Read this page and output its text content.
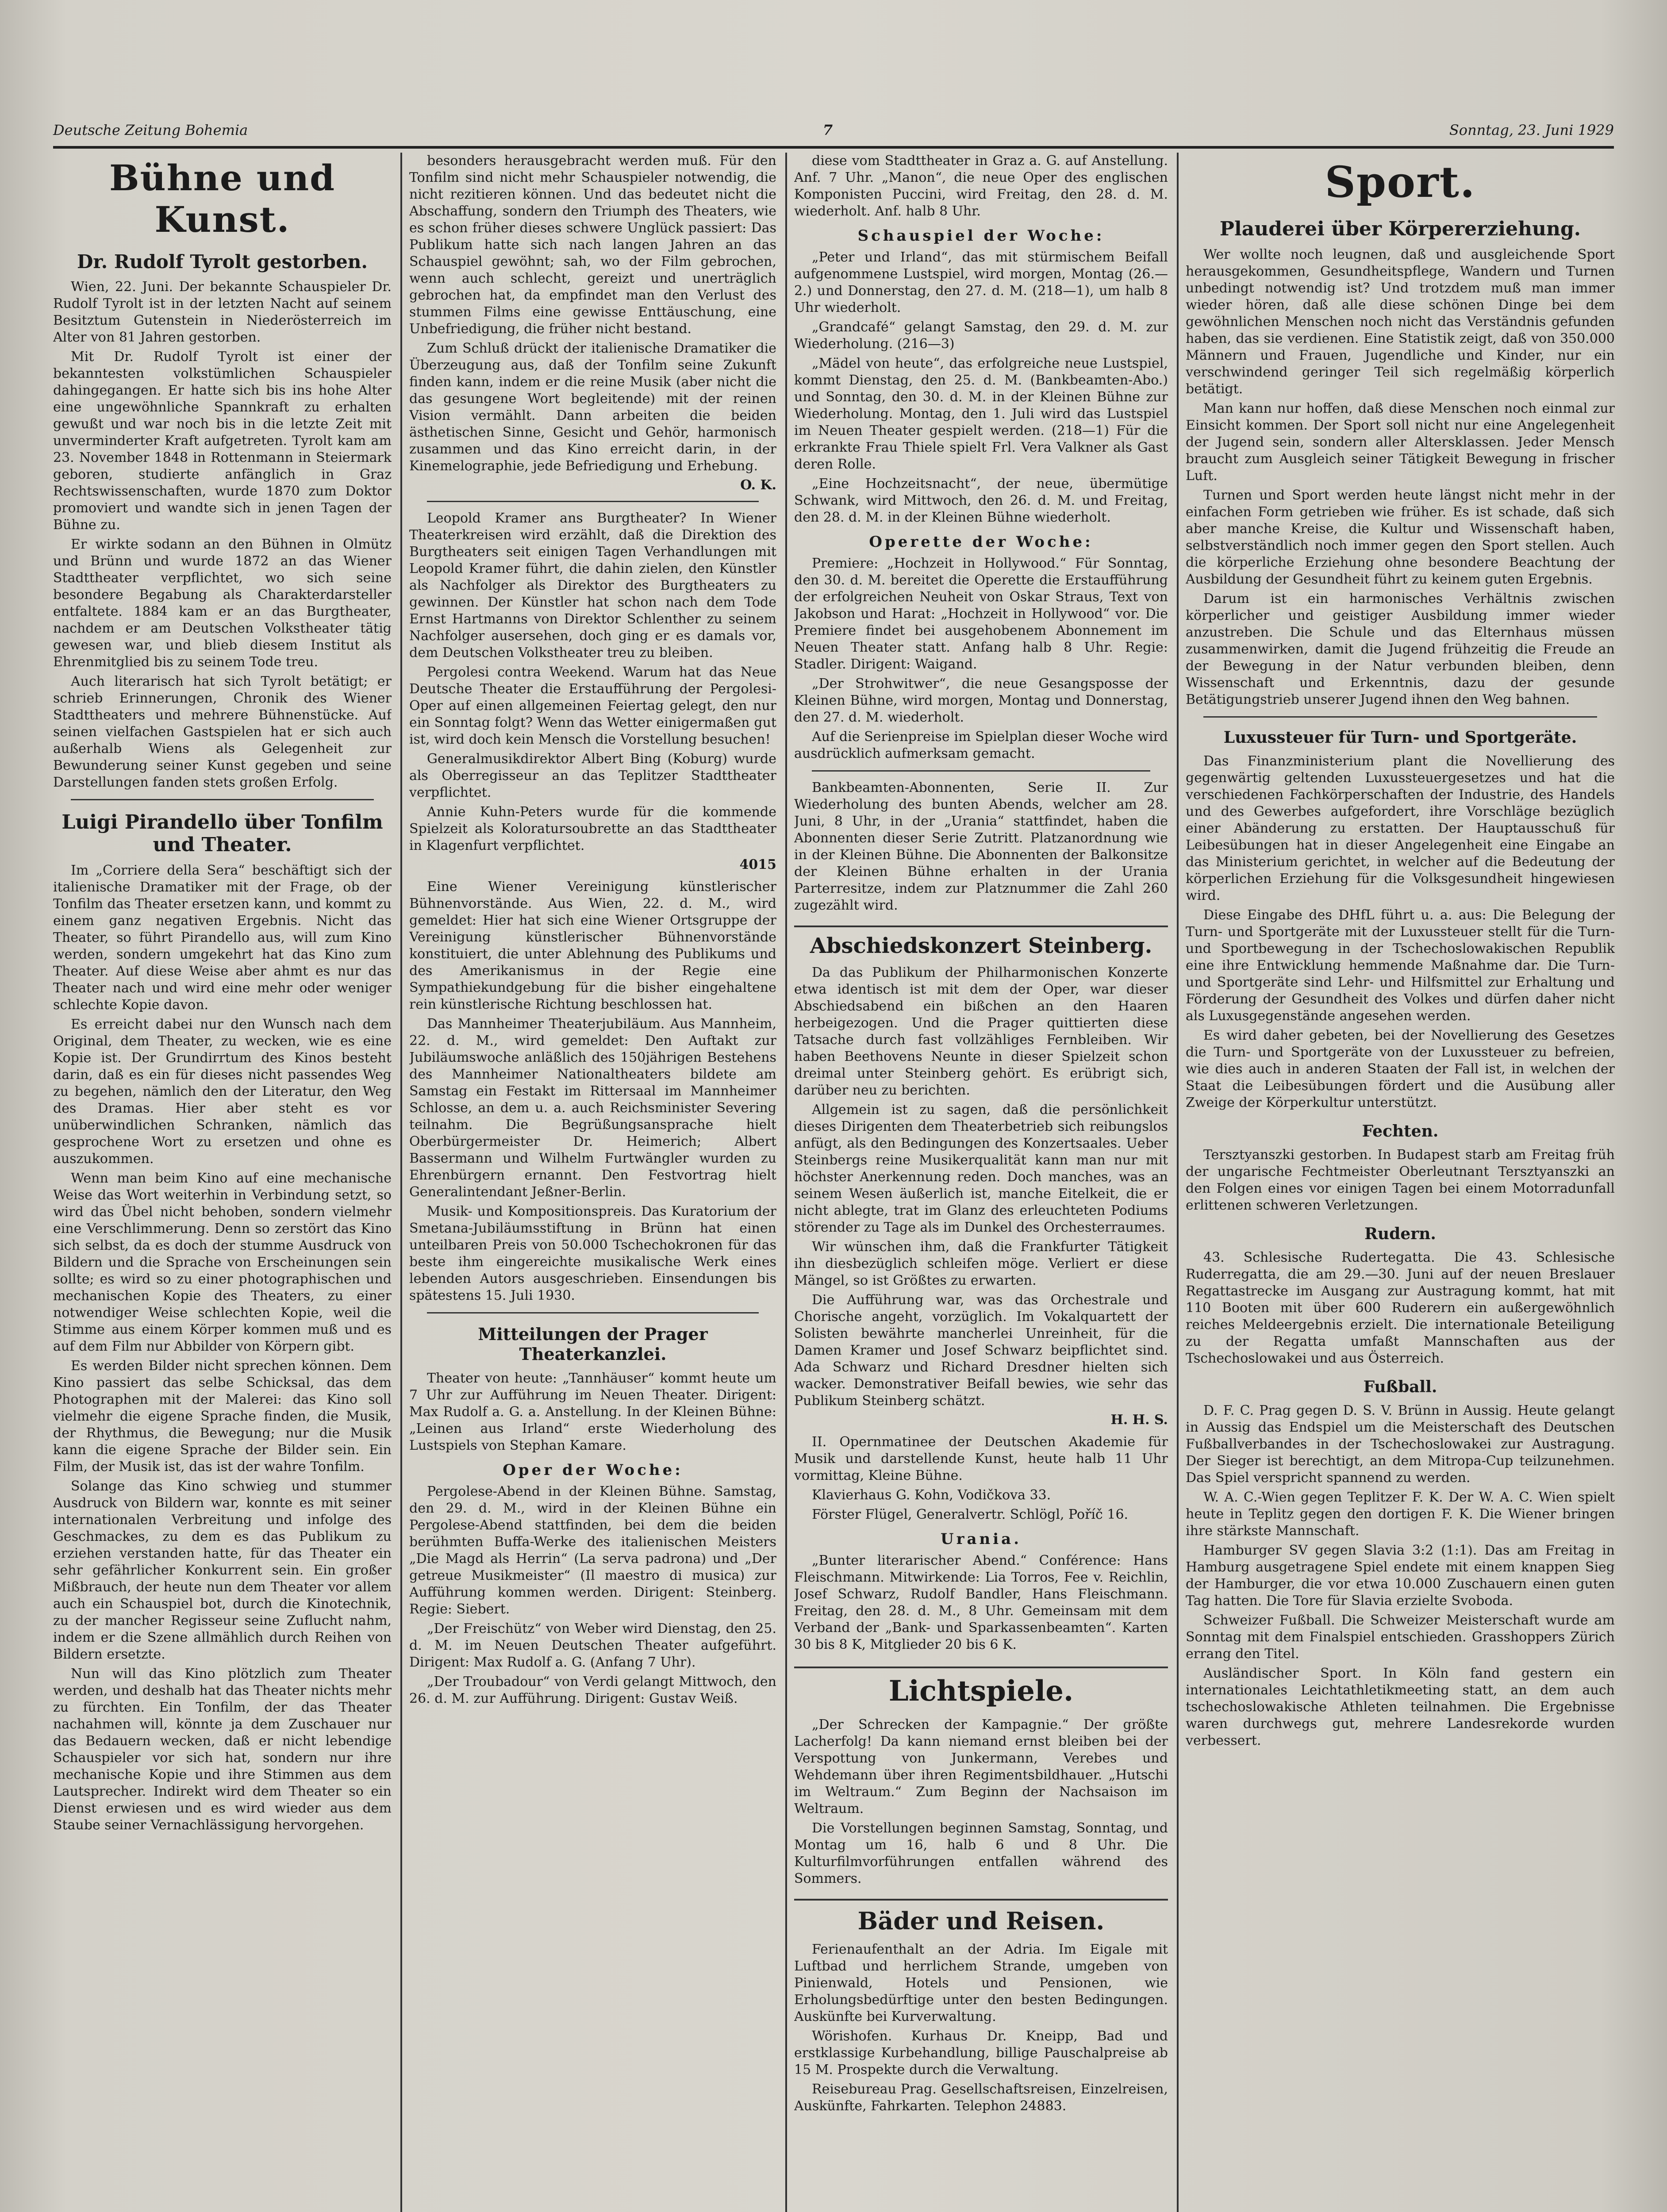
Deutsche Zeitung Bohemia	7	Sonntag, 23. Juni 1929
Bühne und Kunst.
Dr. Rudolf Tyrolt gestorben.

Wien, 22. Juni. Der bekannte Schauspieler Dr. Rudolf Tyrolt ist in der letzten Nacht auf seinem Besitztum Gutenstein in Niederösterreich im Alter von 81 Jahren gestorben.

Mit Dr. Rudolf Tyrolt ist einer der bekanntesten volkstümlichen Schauspieler dahingegangen. Er hatte sich bis ins hohe Alter eine ungewöhnliche Spannkraft zu erhalten gewußt und war noch bis in die letzte Zeit mit unverminderter Kraft aufgetreten. Tyrolt kam am 23. November 1848 in Rottenmann in Steiermark geboren, studierte anfänglich in Graz Rechtswissenschaften, wurde 1870 zum Doktor promoviert und wandte sich in jenen Tagen der Bühne zu.

Er wirkte sodann an den Bühnen in Olmütz und Brünn und wurde 1872 an das Wiener Stadttheater verpflichtet, wo sich seine besondere Begabung als Charakterdarsteller entfaltete. 1884 kam er an das Burgtheater, nachdem er am Deutschen Volkstheater tätig gewesen war, und blieb diesem Institut als Ehrenmitglied bis zu seinem Tode treu.

Auch literarisch hat sich Tyrolt betätigt; er schrieb Erinnerungen, Chronik des Wiener Stadttheaters und mehrere Bühnenstücke. Auf seinen vielfachen Gastspielen hat er sich auch außerhalb Wiens als Gelegenheit zur Bewunderung seiner Kunst gegeben und seine Darstellungen fanden stets großen Erfolg.

Luigi Pirandello über Tonfilm und Theater.

Im „Corriere della Sera“ beschäftigt sich der italienische Dramatiker mit der Frage, ob der Tonfilm das Theater ersetzen kann, und kommt zu einem ganz negativen Ergebnis. Nicht das Theater, so führt Pirandello aus, will zum Kino werden, sondern umgekehrt hat das Kino zum Theater. Auf diese Weise aber ahmt es nur das Theater nach und wird eine mehr oder weniger schlechte Kopie davon.

Es erreicht dabei nur den Wunsch nach dem Original, dem Theater, zu wecken, wie es eine Kopie ist. Der Grundirrtum des Kinos besteht darin, daß es ein für dieses nicht passendes Weg zu begehen, nämlich den der Literatur, den Weg des Dramas. Hier aber steht es vor unüberwindlichen Schranken, nämlich das gesprochene Wort zu ersetzen und ohne es auszukommen.

Wenn man beim Kino auf eine mechanische Weise das Wort weiterhin in Verbindung setzt, so wird das Übel nicht behoben, sondern vielmehr eine Verschlimmerung. Denn so zerstört das Kino sich selbst, da es doch der stumme Ausdruck von Bildern und die Sprache von Erscheinungen sein sollte; es wird so zu einer photographischen und mechanischen Kopie des Theaters, zu einer notwendiger Weise schlechten Kopie, weil die Stimme aus einem Körper kommen muß und es auf dem Film nur Abbilder von Körpern gibt.

Es werden Bilder nicht sprechen können. Dem Kino passiert das selbe Schicksal, das dem Photographen mit der Malerei: das Kino soll vielmehr die eigene Sprache finden, die Musik, der Rhythmus, die Bewegung; nur die Musik kann die eigene Sprache der Bilder sein. Ein Film, der Musik ist, das ist der wahre Tonfilm.

Solange das Kino schwieg und stummer Ausdruck von Bildern war, konnte es mit seiner internationalen Verbreitung und infolge des Geschmackes, zu dem es das Publikum zu erziehen verstanden hatte, für das Theater ein sehr gefährlicher Konkurrent sein. Ein großer Mißbrauch, der heute nun dem Theater vor allem auch ein Schauspiel bot, durch die Kinotechnik, zu der mancher Regisseur seine Zuflucht nahm, indem er die Szene allmählich durch Reihen von Bildern ersetzte.

Nun will das Kino plötzlich zum Theater werden, und deshalb hat das Theater nichts mehr zu fürchten. Ein Tonfilm, der das Theater nachahmen will, könnte ja dem Zuschauer nur das Bedauern wecken, daß er nicht lebendige Schauspieler vor sich hat, sondern nur ihre mechanische Kopie und ihre Stimmen aus dem Lautsprecher. Indirekt wird dem Theater so ein Dienst erwiesen und es wird wieder aus dem Staube seiner Vernachlässigung hervorgehen.

besonders herausgebracht werden muß. Für den Tonfilm sind nicht mehr Schauspieler notwendig, die nicht rezitieren können. Und das bedeutet nicht die Abschaffung, sondern den Triumph des Theaters, wie es schon früher dieses schwere Unglück passiert: Das Publikum hatte sich nach langen Jahren an das Schauspiel gewöhnt; sah, wo der Film gebrochen, wenn auch schlecht, gereizt und unerträglich gebrochen hat, da empfindet man den Verlust des stummen Films eine gewisse Enttäuschung, eine Unbefriedigung, die früher nicht bestand.

Zum Schluß drückt der italienische Dramatiker die Überzeugung aus, daß der Tonfilm seine Zukunft finden kann, indem er die reine Musik (aber nicht die das gesungene Wort begleitende) mit der reinen Vision vermählt. Dann arbeiten die beiden ästhetischen Sinne, Gesicht und Gehör, harmonisch zusammen und das Kino erreicht darin, in der Kinemelographie, jede Befriedigung und Erhebung.

O. K.

Leopold Kramer ans Burgtheater? In Wiener Theaterkreisen wird erzählt, daß die Direktion des Burgtheaters seit einigen Tagen Verhandlungen mit Leopold Kramer führt, die dahin zielen, den Künstler als Nachfolger als Direktor des Burgtheaters zu gewinnen. Der Künstler hat schon nach dem Tode Ernst Hartmanns von Direktor Schlenther zu seinem Nachfolger ausersehen, doch ging er es damals vor, dem Deutschen Volkstheater treu zu bleiben.

Pergolesi contra Weekend. Warum hat das Neue Deutsche Theater die Erstaufführung der Pergolesi-Oper auf einen allgemeinen Feiertag gelegt, den nur ein Sonntag folgt? Wenn das Wetter einigermaßen gut ist, wird doch kein Mensch die Vorstellung besuchen!

Generalmusikdirektor Albert Bing (Koburg) wurde als Oberregisseur an das Teplitzer Stadttheater verpflichtet.

Annie Kuhn-Peters wurde für die kommende Spielzeit als Koloratursoubrette an das Stadttheater in Klagenfurt verpflichtet.

4015

Eine Wiener Vereinigung künstlerischer Bühnenvorstände. Aus Wien, 22. d. M., wird gemeldet: Hier hat sich eine Wiener Ortsgruppe der Vereinigung künstlerischer Bühnenvorstände konstituiert, die unter Ablehnung des Publikums und des Amerikanismus in der Regie eine Sympathiekundgebung für die bisher eingehaltene rein künstlerische Richtung beschlossen hat.

Das Mannheimer Theaterjubiläum. Aus Mannheim, 22. d. M., wird gemeldet: Den Auftakt zur Jubiläumswoche anläßlich des 150jährigen Bestehens des Mannheimer Nationaltheaters bildete am Samstag ein Festakt im Rittersaal im Mannheimer Schlosse, an dem u. a. auch Reichsminister Severing teilnahm. Die Begrüßungsansprache hielt Oberbürgermeister Dr. Heimerich; Albert Bassermann und Wilhelm Furtwängler wurden zu Ehrenbürgern ernannt. Den Festvortrag hielt Generalintendant Jeßner-Berlin.

Musik- und Kompositionspreis. Das Kuratorium der Smetana-Jubiläumsstiftung in Brünn hat einen unteilbaren Preis von 50.000 Tschechokronen für das beste ihm eingereichte musikalische Werk eines lebenden Autors ausgeschrieben. Einsendungen bis spätestens 15. Juli 1930.

Mitteilungen der Prager Theaterkanzlei.

Theater von heute: „Tannhäuser“ kommt heute um 7 Uhr zur Aufführung im Neuen Theater. Dirigent: Max Rudolf a. G. a. Anstellung. In der Kleinen Bühne: „Leinen aus Irland“ erste Wiederholung des Lustspiels von Stephan Kamare.

Oper der Woche:

Pergolese-Abend in der Kleinen Bühne. Samstag, den 29. d. M., wird in der Kleinen Bühne ein Pergolese-Abend stattfinden, bei dem die beiden berühmten Buffa-Werke des italienischen Meisters „Die Magd als Herrin“ (La serva padrona) und „Der getreue Musikmeister“ (Il maestro di musica) zur Aufführung kommen werden. Dirigent: Steinberg. Regie: Siebert.

„Der Freischütz“ von Weber wird Dienstag, den 25. d. M. im Neuen Deutschen Theater aufgeführt. Dirigent: Max Rudolf a. G. (Anfang 7 Uhr).

„Der Troubadour“ von Verdi gelangt Mittwoch, den 26. d. M. zur Aufführung. Dirigent: Gustav Weiß.

diese vom Stadttheater in Graz a. G. auf Anstellung. Anf. 7 Uhr. „Manon“, die neue Oper des englischen Komponisten Puccini, wird Freitag, den 28. d. M. wiederholt. Anf. halb 8 Uhr.

Schauspiel der Woche:

„Peter und Irland“, das mit stürmischem Beifall aufgenommene Lustspiel, wird morgen, Montag (26.—2.) und Donnerstag, den 27. d. M. (218—1), um halb 8 Uhr wiederholt.

„Grandcafé“ gelangt Samstag, den 29. d. M. zur Wiederholung. (216—3)

„Mädel von heute“, das erfolgreiche neue Lustspiel, kommt Dienstag, den 25. d. M. (Bankbeamten-Abo.) und Sonntag, den 30. d. M. in der Kleinen Bühne zur Wiederholung. Montag, den 1. Juli wird das Lustspiel im Neuen Theater gespielt werden. (218—1) Für die erkrankte Frau Thiele spielt Frl. Vera Valkner als Gast deren Rolle.

„Eine Hochzeitsnacht“, der neue, übermütige Schwank, wird Mittwoch, den 26. d. M. und Freitag, den 28. d. M. in der Kleinen Bühne wiederholt.

Operette der Woche:

Premiere: „Hochzeit in Hollywood.“ Für Sonntag, den 30. d. M. bereitet die Operette die Erstaufführung der erfolgreichen Neuheit von Oskar Straus, Text von Jakobson und Harat: „Hochzeit in Hollywood“ vor. Die Premiere findet bei ausgehobenem Abonnement im Neuen Theater statt. Anfang halb 8 Uhr. Regie: Stadler. Dirigent: Waigand.

„Der Strohwitwer“, die neue Gesangsposse der Kleinen Bühne, wird morgen, Montag und Donnerstag, den 27. d. M. wiederholt.

Auf die Serienpreise im Spielplan dieser Woche wird ausdrücklich aufmerksam gemacht.

Bankbeamten-Abonnenten, Serie II. Zur Wiederholung des bunten Abends, welcher am 28. Juni, 8 Uhr, in der „Urania“ stattfindet, haben die Abonnenten dieser Serie Zutritt. Platzanordnung wie in der Kleinen Bühne. Die Abonnenten der Balkonsitze der Kleinen Bühne erhalten in der Urania Parterresitze, indem zur Platznummer die Zahl 260 zugezählt wird.

Abschiedskonzert Steinberg.

Da das Publikum der Philharmonischen Konzerte etwa identisch ist mit dem der Oper, war dieser Abschiedsabend ein bißchen an den Haaren herbeigezogen. Und die Prager quittierten diese Tatsache durch fast vollzähliges Fernbleiben. Wir haben Beethovens Neunte in dieser Spielzeit schon dreimal unter Steinberg gehört. Es erübrigt sich, darüber neu zu berichten.

Allgemein ist zu sagen, daß die persönlichkeit dieses Dirigenten dem Theaterbetrieb sich reibungslos anfügt, als den Bedingungen des Konzertsaales. Ueber Steinbergs reine Musikerqualität kann man nur mit höchster Anerkennung reden. Doch manches, was an seinem Wesen äußerlich ist, manche Eitelkeit, die er nicht ablegte, trat im Glanz des erleuchteten Podiums störender zu Tage als im Dunkel des Orchesterraumes.

Wir wünschen ihm, daß die Frankfurter Tätigkeit ihn diesbezüglich schleifen möge. Verliert er diese Mängel, so ist Größtes zu erwarten.

Die Aufführung war, was das Orchestrale und Chorische angeht, vorzüglich. Im Vokalquartett der Solisten bewährte mancherlei Unreinheit, für die Damen Kramer und Josef Schwarz beipflichtet sind. Ada Schwarz und Richard Dresdner hielten sich wacker. Demonstrativer Beifall bewies, wie sehr das Publikum Steinberg schätzt.

H. H. S.

II. Opernmatinee der Deutschen Akademie für Musik und darstellende Kunst, heute halb 11 Uhr vormittag, Kleine Bühne.

Klavierhaus G. Kohn, Vodičkova 33.

Förster Flügel, Generalvertr. Schlögl, Poříč 16.

Urania.

„Bunter literarischer Abend.“ Conférence: Hans Fleischmann. Mitwirkende: Lia Torros, Fee v. Reichlin, Josef Schwarz, Rudolf Bandler, Hans Fleischmann. Freitag, den 28. d. M., 8 Uhr. Gemeinsam mit dem Verband der „Bank- und Sparkassenbeamten“. Karten 30 bis 8 K, Mitglieder 20 bis 6 K.

Lichtspiele.

„Der Schrecken der Kampagnie.“ Der größte Lacherfolg! Da kann niemand ernst bleiben bei der Verspottung von Junkermann, Verebes und Wehdemann über ihren Regimentsbildhauer. „Hutschi im Weltraum.“ Zum Beginn der Nachsaison im Weltraum.

Die Vorstellungen beginnen Samstag, Sonntag, und Montag um 16, halb 6 und 8 Uhr. Die Kulturfilmvorführungen entfallen während des Sommers.

Bäder und Reisen.

Ferienaufenthalt an der Adria. Im Eigale mit Luftbad und herrlichem Strande, umgeben von Pinienwald, Hotels und Pensionen, wie Erholungsbedürftige unter den besten Bedingungen. Auskünfte bei Kurverwaltung.

Wörishofen. Kurhaus Dr. Kneipp, Bad und erstklassige Kurbehandlung, billige Pauschalpreise ab 15 M. Prospekte durch die Verwaltung.

Reisebureau Prag. Gesellschaftsreisen, Einzelreisen, Auskünfte, Fahrkarten. Telephon 24883.

Sport.
Plauderei über Körpererziehung.

Wer wollte noch leugnen, daß und ausgleichende Sport herausgekommen, Gesundheitspflege, Wandern und Turnen unbedingt notwendig ist? Und trotzdem muß man immer wieder hören, daß alle diese schönen Dinge bei dem gewöhnlichen Menschen noch nicht das Verständnis gefunden haben, das sie verdienen. Eine Statistik zeigt, daß von 350.000 Männern und Frauen, Jugendliche und Kinder, nur ein verschwindend geringer Teil sich regelmäßig körperlich betätigt.

Man kann nur hoffen, daß diese Menschen noch einmal zur Einsicht kommen. Der Sport soll nicht nur eine Angelegenheit der Jugend sein, sondern aller Altersklassen. Jeder Mensch braucht zum Ausgleich seiner Tätigkeit Bewegung in frischer Luft.

Turnen und Sport werden heute längst nicht mehr in der einfachen Form getrieben wie früher. Es ist schade, daß sich aber manche Kreise, die Kultur und Wissenschaft haben, selbstverständlich noch immer gegen den Sport stellen. Auch die körperliche Erziehung ohne besondere Beachtung der Ausbildung der Gesundheit führt zu keinem guten Ergebnis.

Darum ist ein harmonisches Verhältnis zwischen körperlicher und geistiger Ausbildung immer wieder anzustreben. Die Schule und das Elternhaus müssen zusammenwirken, damit die Jugend frühzeitig die Freude an der Bewegung in der Natur verbunden bleiben, denn Wissenschaft und Erkenntnis, dazu der gesunde Betätigungstrieb unserer Jugend ihnen den Weg bahnen.

Luxussteuer für Turn- und Sportgeräte.

Das Finanzministerium plant die Novellierung des gegenwärtig geltenden Luxussteuergesetzes und hat die verschiedenen Fachkörperschaften der Industrie, des Handels und des Gewerbes aufgefordert, ihre Vorschläge bezüglich einer Abänderung zu erstatten. Der Hauptausschuß für Leibesübungen hat in dieser Angelegenheit eine Eingabe an das Ministerium gerichtet, in welcher auf die Bedeutung der körperlichen Erziehung für die Volksgesundheit hingewiesen wird.

Diese Eingabe des DHfL führt u. a. aus: Die Belegung der Turn- und Sportgeräte mit der Luxussteuer stellt für die Turn- und Sportbewegung in der Tschechoslowakischen Republik eine ihre Entwicklung hemmende Maßnahme dar. Die Turn- und Sportgeräte sind Lehr- und Hilfsmittel zur Erhaltung und Förderung der Gesundheit des Volkes und dürfen daher nicht als Luxusgegenstände angesehen werden.

Es wird daher gebeten, bei der Novellierung des Gesetzes die Turn- und Sportgeräte von der Luxussteuer zu befreien, wie dies auch in anderen Staaten der Fall ist, in welchen der Staat die Leibesübungen fördert und die Ausübung aller Zweige der Körperkultur unterstützt.

Fechten.

Tersztyanszki gestorben. In Budapest starb am Freitag früh der ungarische Fechtmeister Oberleutnant Tersztyanszki an den Folgen eines vor einigen Tagen bei einem Motorradunfall erlittenen schweren Verletzungen.

Rudern.

43. Schlesische Rudertegatta. Die 43. Schlesische Ruderregatta, die am 29.—30. Juni auf der neuen Breslauer Regattastrecke im Ausgang zur Austragung kommt, hat mit 110 Booten mit über 600 Ruderern ein außergewöhnlich reiches Meldeergebnis erzielt. Die internationale Beteiligung zu der Regatta umfaßt Mannschaften aus der Tschechoslowakei und aus Österreich.

Fußball.

D. F. C. Prag gegen D. S. V. Brünn in Aussig. Heute gelangt in Aussig das Endspiel um die Meisterschaft des Deutschen Fußballverbandes in der Tschechoslowakei zur Austragung. Der Sieger ist berechtigt, an dem Mitropa-Cup teilzunehmen. Das Spiel verspricht spannend zu werden.

W. A. C.-Wien gegen Teplitzer F. K. Der W. A. C. Wien spielt heute in Teplitz gegen den dortigen F. K. Die Wiener bringen ihre stärkste Mannschaft.

Hamburger SV gegen Slavia 3:2 (1:1). Das am Freitag in Hamburg ausgetragene Spiel endete mit einem knappen Sieg der Hamburger, die vor etwa 10.000 Zuschauern einen guten Tag hatten. Die Tore für Slavia erzielte Svoboda.

Schweizer Fußball. Die Schweizer Meisterschaft wurde am Sonntag mit dem Finalspiel entschieden. Grasshoppers Zürich errang den Titel.

Ausländischer Sport. In Köln fand gestern ein internationales Leichtathletikmeeting statt, an dem auch tschechoslowakische Athleten teilnahmen. Die Ergebnisse waren durchwegs gut, mehrere Landesrekorde wurden verbessert.
